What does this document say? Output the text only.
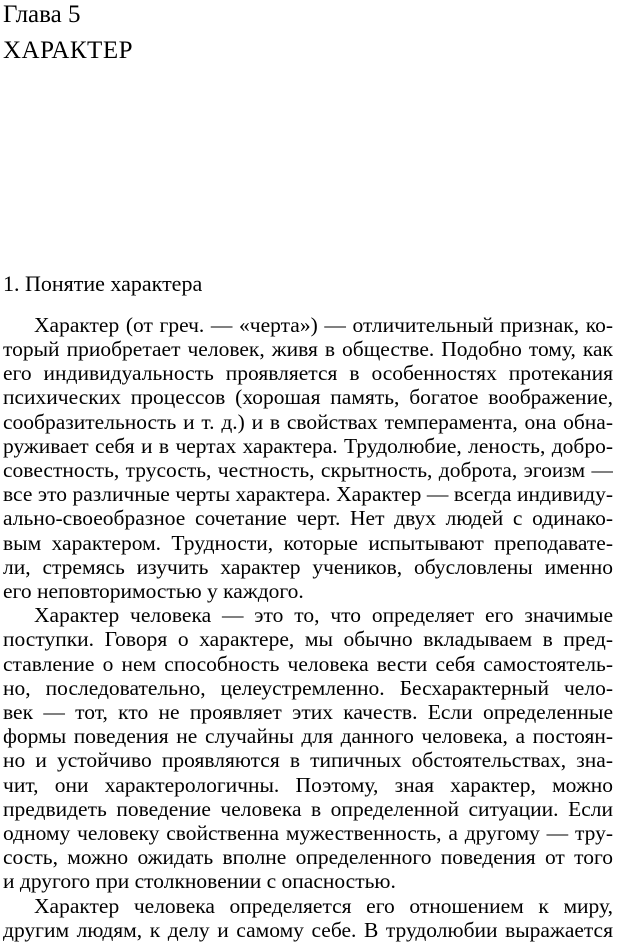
Глава 5
ХАРАКТЕР
1. Понятие характера
Характер (от греч. — «черта») — отличительный признак, ко-
торый приобретает человек, живя в обществе. Подобно тому, как
его индивидуальность проявляется в особенностях протекания
психических процессов (хорошая память, богатое воображение,
сообразительность и т. д.) и в свойствах темперамента, она обна-
руживает себя и в чертах характера. Трудолюбие, леность, добро-
совестность, трусость, честность, скрытность, доброта, эгоизм —
все это различные черты характера. Характер — всегда индивиду-
ально-своеобразное сочетание черт. Нет двух людей с одинако-
вым характером. Трудности, которые испытывают преподавате-
ли, стремясь изучить характер учеников, обусловлены именно
его неповторимостью у каждого.
Характер человека — это то, что определяет его значимые
поступки. Говоря о характере, мы обычно вкладываем в пред-
ставление о нем способность человека вести себя самостоятель-
но, последовательно, целеустремленно. Бесхарактерный чело-
век — тот, кто не проявляет этих качеств. Если определенные
формы поведения не случайны для данного человека, а постоян-
но и устойчиво проявляются в типичных обстоятельствах, зна-
чит, они характерологичны. Поэтому, зная характер, можно
предвидеть поведение человека в определенной ситуации. Если
одному человеку свойственна мужественность, а другому — тру-
сость, можно ожидать вполне определенного поведения от того
и другого при столкновении с опасностью.
Характер человека определяется его отношением к миру,
другим людям, к делу и самому себе. В трудолюбии выражается
